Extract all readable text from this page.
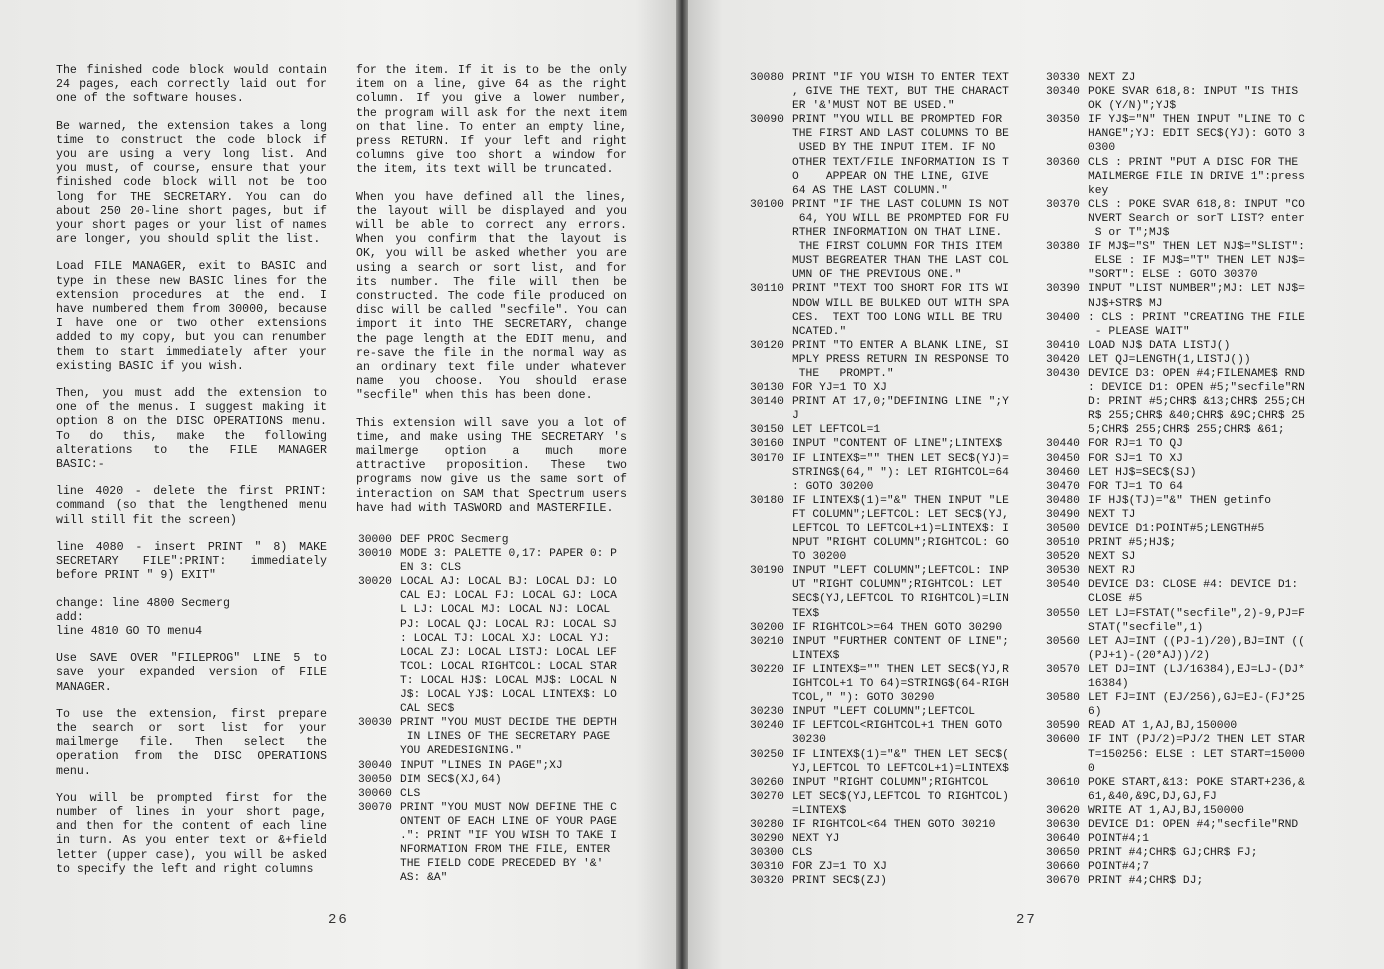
The finished code block would contain 24 pages, each correctly laid out for one of the software houses.

Be warned, the extension takes a long time to construct the code block if you are using a very long list. And you must, of course, ensure that your finished code block will not be too long for THE SECRETARY. You can do about 250 20-line short pages, but if your short pages or your list of names are longer, you should split the list.

Load FILE MANAGER, exit to BASIC and type in these new BASIC lines for the extension procedures at the end. I have numbered them from 30000, because I have one or two other extensions added to my copy, but you can renumber them to start immediately after your existing BASIC if you wish.

Then, you must add the extension to one of the menus. I suggest making it option 8 on the DISC OPERATIONS menu. To do this, make the following alterations to the FILE MANAGER BASIC:-

line 4020 - delete the first PRINT: command (so that the lengthened menu will still fit the screen)

line 4080 - insert PRINT " 8) MAKE SECRETARY FILE":PRINT: immediately before PRINT " 9) EXIT"

change: line 4800 Secmerg
add:
line 4810 GO TO menu4

Use SAVE OVER "FILEPROG" LINE 5 to save your expanded version of FILE MANAGER.

To use the extension, first prepare the search or sort list for your mailmerge file. Then select the operation from the DISC OPERATIONS menu.

You will be prompted first for the number of lines in your short page, and then for the content of each line in turn. As you enter text or &+field letter (upper case), you will be asked to specify the left and right columns

for the item. If it is to be the only item on a line, give 64 as the right column. If you give a lower number, the program will ask for the next item on that line. To enter an empty line, press RETURN. If your left and right columns give too short a window for the item, its text will be truncated.

When you have defined all the lines, the layout will be displayed and you will be able to correct any errors. When you confirm that the layout is OK, you will be asked whether you are using a search or sort list, and for its number. The file will then be constructed. The code file produced on disc will be called "secfile". You can import it into THE SECRETARY, change the page length at the EDIT menu, and re-save the file in the normal way as an ordinary text file under whatever name you choose. You should erase "secfile" when this has been done.

This extension will save you a lot of time, and make using THE SECRETARY 's mailmerge option a much more attractive proposition. These two programs now give us the same sort of interaction on SAM that Spectrum users have had with TASWORD and MASTERFILE.

30000 DEF PROC Secmerg
30010 MODE 3: PALETTE 0,17: PAPER 0: P
EN 3: CLS
30020 LOCAL AJ: LOCAL BJ: LOCAL DJ: LO
CAL EJ: LOCAL FJ: LOCAL GJ: LOCA
L LJ: LOCAL MJ: LOCAL NJ: LOCAL
PJ: LOCAL QJ: LOCAL RJ: LOCAL SJ
: LOCAL TJ: LOCAL XJ: LOCAL YJ:
LOCAL ZJ: LOCAL LISTJ: LOCAL LEF
TCOL: LOCAL RIGHTCOL: LOCAL STAR
T: LOCAL HJ$: LOCAL MJ$: LOCAL N
J$: LOCAL YJ$: LOCAL LINTEX$: LO
CAL SEC$
30030 PRINT "YOU MUST DECIDE THE DEPTH
IN LINES OF THE SECRETARY PAGE
YOU AREDESIGNING."
30040 INPUT "LINES IN PAGE";XJ
30050 DIM SEC$(XJ,64)
30060 CLS
30070 PRINT "YOU MUST NOW DEFINE THE C
ONTENT OF EACH LINE OF YOUR PAGE
.": PRINT "IF YOU WISH TO TAKE I
NFORMATION FROM THE FILE, ENTER
THE FIELD CODE PRECEDED BY '&'
AS: &A"
26
30080 PRINT "IF YOU WISH TO ENTER TEXT
, GIVE THE TEXT, BUT THE CHARACT
ER '&'MUST NOT BE USED."
30090 PRINT "YOU WILL BE PROMPTED FOR
THE FIRST AND LAST COLUMNS TO BE
USED BY THE INPUT ITEM. IF NO
OTHER TEXT/FILE INFORMATION IS T
O    APPEAR ON THE LINE, GIVE
64 AS THE LAST COLUMN."
30100 PRINT "IF THE LAST COLUMN IS NOT
64, YOU WILL BE PROMPTED FOR FU
RTHER INFORMATION ON THAT LINE.
THE FIRST COLUMN FOR THIS ITEM
MUST BEGREATER THAN THE LAST COL
UMN OF THE PREVIOUS ONE."
30110 PRINT "TEXT TOO SHORT FOR ITS WI
NDOW WILL BE BULKED OUT WITH SPA
CES.  TEXT TOO LONG WILL BE TRU
NCATED."
30120 PRINT "TO ENTER A BLANK LINE, SI
MPLY PRESS RETURN IN RESPONSE TO
THE   PROMPT."
30130 FOR YJ=1 TO XJ
30140 PRINT AT 17,0;"DEFINING LINE ";Y
J
30150 LET LEFTCOL=1
30160 INPUT "CONTENT OF LINE";LINTEX$
30170 IF LINTEX$="" THEN LET SEC$(YJ)=
STRING$(64," "): LET RIGHTCOL=64
: GOTO 30200
30180 IF LINTEX$(1)="&" THEN INPUT "LE
FT COLUMN";LEFTCOL: LET SEC$(YJ,
LEFTCOL TO LEFTCOL+1)=LINTEX$: I
NPUT "RIGHT COLUMN";RIGHTCOL: GO
TO 30200
30190 INPUT "LEFT COLUMN";LEFTCOL: INP
UT "RIGHT COLUMN";RIGHTCOL: LET
SEC$(YJ,LEFTCOL TO RIGHTCOL)=LIN
TEX$
30200 IF RIGHTCOL>=64 THEN GOTO 30290
30210 INPUT "FURTHER CONTENT OF LINE";
LINTEX$
30220 IF LINTEX$="" THEN LET SEC$(YJ,R
IGHTCOL+1 TO 64)=STRING$(64-RIGH
TCOL," "): GOTO 30290
30230 INPUT "LEFT COLUMN";LEFTCOL
30240 IF LEFTCOL<RIGHTCOL+1 THEN GOTO
30230
30250 IF LINTEX$(1)="&" THEN LET SEC$(
YJ,LEFTCOL TO LEFTCOL+1)=LINTEX$
30260 INPUT "RIGHT COLUMN";RIGHTCOL
30270 LET SEC$(YJ,LEFTCOL TO RIGHTCOL)
=LINTEX$
30280 IF RIGHTCOL<64 THEN GOTO 30210
30290 NEXT YJ
30300 CLS
30310 FOR ZJ=1 TO XJ
30320 PRINT SEC$(ZJ)
30330 NEXT ZJ
30340 POKE SVAR 618,8: INPUT "IS THIS
OK (Y/N)";YJ$
30350 IF YJ$="N" THEN INPUT "LINE TO C
HANGE";YJ: EDIT SEC$(YJ): GOTO 3
0300
30360 CLS : PRINT "PUT A DISC FOR THE
MAILMERGE FILE IN DRIVE 1":press
key
30370 CLS : POKE SVAR 618,8: INPUT "CO
NVERT Search or sorT LIST? enter
S or T";MJ$
30380 IF MJ$="S" THEN LET NJ$="SLIST":
ELSE : IF MJ$="T" THEN LET NJ$=
"SORT": ELSE : GOTO 30370
30390 INPUT "LIST NUMBER";MJ: LET NJ$=
NJ$+STR$ MJ
30400 : CLS : PRINT "CREATING THE FILE
- PLEASE WAIT"
30410 LOAD NJ$ DATA LISTJ()
30420 LET QJ=LENGTH(1,LISTJ())
30430 DEVICE D3: OPEN #4;FILENAME$ RND
: DEVICE D1: OPEN #5;"secfile"RN
D: PRINT #5;CHR$ &13;CHR$ 255;CH
R$ 255;CHR$ &40;CHR$ &9C;CHR$ 25
5;CHR$ 255;CHR$ 255;CHR$ &61;
30440 FOR RJ=1 TO QJ
30450 FOR SJ=1 TO XJ
30460 LET HJ$=SEC$(SJ)
30470 FOR TJ=1 TO 64
30480 IF HJ$(TJ)="&" THEN getinfo
30490 NEXT TJ
30500 DEVICE D1:POINT#5;LENGTH#5
30510 PRINT #5;HJ$;
30520 NEXT SJ
30530 NEXT RJ
30540 DEVICE D3: CLOSE #4: DEVICE D1:
CLOSE #5
30550 LET LJ=FSTAT("secfile",2)-9,PJ=F
STAT("secfile",1)
30560 LET AJ=INT ((PJ-1)/20),BJ=INT ((
(PJ+1)-(20*AJ))/2)
30570 LET DJ=INT (LJ/16384),EJ=LJ-(DJ*
16384)
30580 LET FJ=INT (EJ/256),GJ=EJ-(FJ*25
6)
30590 READ AT 1,AJ,BJ,150000
30600 IF INT (PJ/2)=PJ/2 THEN LET STAR
T=150256: ELSE : LET START=15000
0
30610 POKE START,&13: POKE START+236,&
61,&40,&9C,DJ,GJ,FJ
30620 WRITE AT 1,AJ,BJ,150000
30630 DEVICE D1: OPEN #4;"secfile"RND
30640 POINT#4;1
30650 PRINT #4;CHR$ GJ;CHR$ FJ;
30660 POINT#4;7
30670 PRINT #4;CHR$ DJ;
27
